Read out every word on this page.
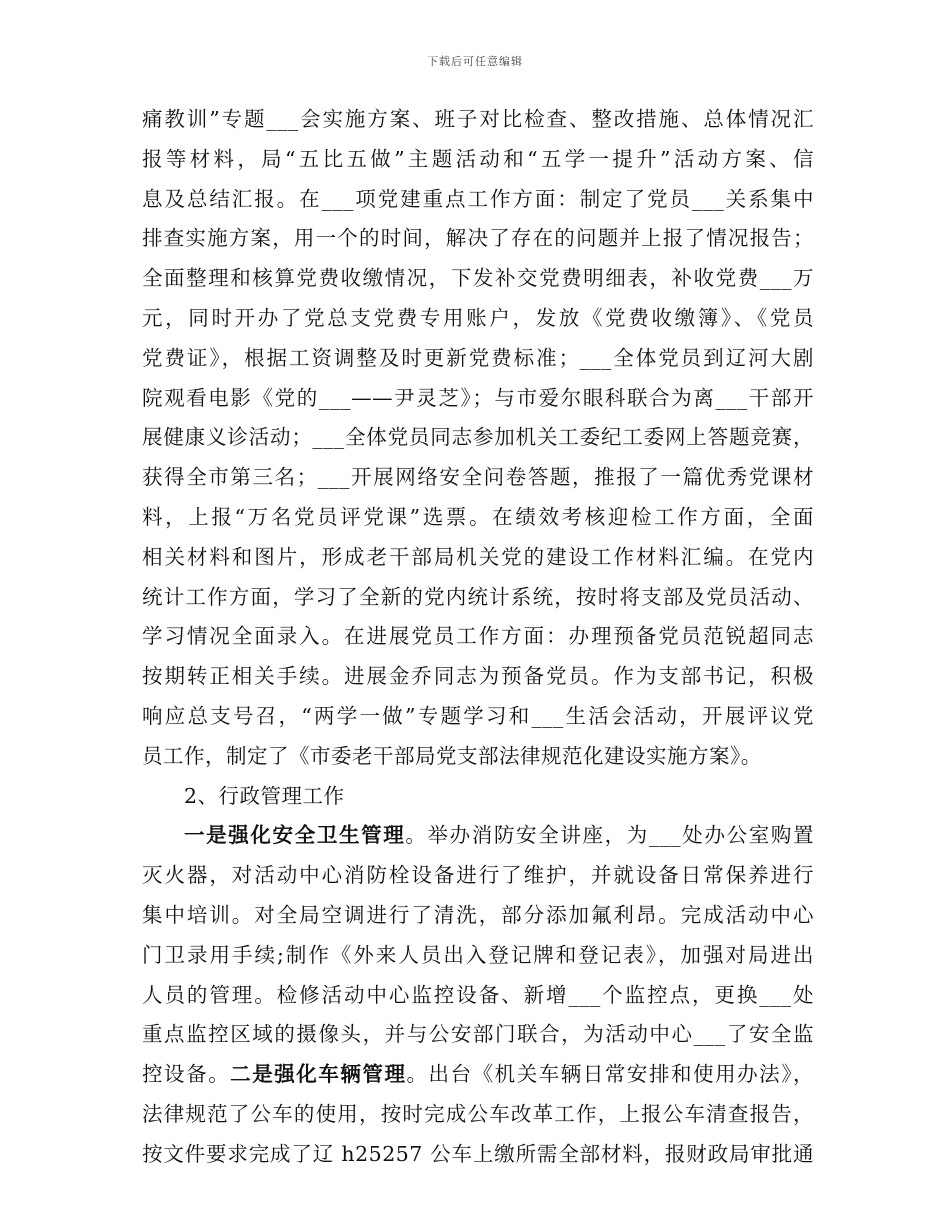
下载后可任意编辑
痛教训”专题___会实施方案、班子对比检查、整改措施、总体情况汇
报等材料，局“五比五做”主题活动和“五学一提升”活动方案、信
息及总结汇报。在___项党建重点工作方面：制定了党员___关系集中
排查实施方案，用一个的时间，解决了存在的问题并上报了情况报告；
全面整理和核算党费收缴情况，下发补交党费明细表，补收党费___万
元，同时开办了党总支党费专用账户，发放《党费收缴簿》、《党员
党费证》，根据工资调整及时更新党费标准；___全体党员到辽河大剧
院观看电影《党的___——尹灵芝》；与市爱尔眼科联合为离___干部开
展健康义诊活动；___全体党员同志参加机关工委纪工委网上答题竞赛，
获得全市第三名；___开展网络安全问卷答题，推报了一篇优秀党课材
料，上报“万名党员评党课”选票。在绩效考核迎检工作方面，全面
相关材料和图片，形成老干部局机关党的建设工作材料汇编。在党内
统计工作方面，学习了全新的党内统计系统，按时将支部及党员活动、
学习情况全面录入。在进展党员工作方面：办理预备党员范锐超同志
按期转正相关手续。进展金乔同志为预备党员。作为支部书记，积极
响应总支号召，“两学一做”专题学习和___生活会活动，开展评议党
员工作，制定了《市委老干部局党支部法律规范化建设实施方案》。
2、行政管理工作
一是强化安全卫生管理。举办消防安全讲座，为___处办公室购置
灭火器，对活动中心消防栓设备进行了维护，并就设备日常保养进行
集中培训。对全局空调进行了清洗，部分添加氟利昂。完成活动中心
门卫录用手续;制作《外来人员出入登记牌和登记表》，加强对局进出
人员的管理。检修活动中心监控设备、新增___个监控点，更换___处
重点监控区域的摄像头，并与公安部门联合，为活动中心___了安全监
控设备。二是强化车辆管理。出台《机关车辆日常安排和使用办法》，
法律规范了公车的使用，按时完成公车改革工作，上报公车清查报告，
按文件要求完成了辽 h25257 公车上缴所需全部材料，报财政局审批通
